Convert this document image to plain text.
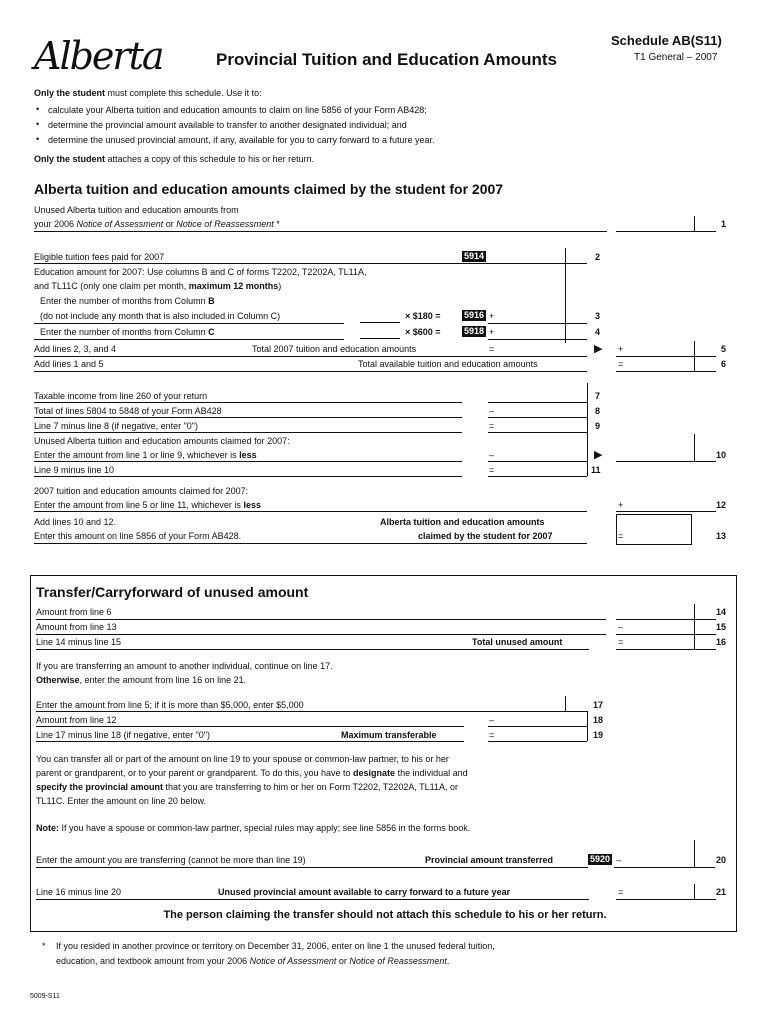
Alberta	Provincial Tuition and Education Amounts
Schedule AB(S11)
T1 General – 2007
Only the student must complete this schedule. Use it to:
• calculate your Alberta tuition and education amounts to claim on line 5856 of your Form AB428;
• determine the provincial amount available to transfer to another designated individual; and
• determine the unused provincial amount, if any, available for you to carry forward to a future year.
Only the student attaches a copy of this schedule to his or her return.
Alberta tuition and education amounts claimed by the student for 2007
Unused Alberta tuition and education amounts from
your 2006 Notice of Assessment or Notice of Reassessment *	1
Eligible tuition fees paid for 2007	5914	2
Education amount for 2007: Use columns B and C of forms T2202, T2202A, TL11A,
and TL11C (only one claim per month, maximum 12 months)
Enter the number of months from Column B
(do not include any month that is also included in Column C)	× $180 =	5916 +	3
Enter the number of months from Column C	× $600 =	5918 +	4
Add lines 2, 3, and 4	Total 2007 tuition and education amounts	=	▶ +	5
Add lines 1 and 5	Total available tuition and education amounts	=	6
Taxable income from line 260 of your return	7
Total of lines 5804 to 5848 of your Form AB428	–	8
Line 7 minus line 8 (if negative, enter "0")	=	9
Unused Alberta tuition and education amounts claimed for 2007:
Enter the amount from line 1 or line 9, whichever is less	–	▶	10
Line 9 minus line 10	=	11
2007 tuition and education amounts claimed for 2007:
Enter the amount from line 5 or line 11, whichever is less	+	12
Add lines 10 and 12.
Enter this amount on line 5856 of your Form AB428.
Alberta tuition and education amounts
claimed by the student for 2007	=	13
Transfer/Carryforward of unused amount
Amount from line 6	14
Amount from line 13	–	15
Line 14 minus line 15	Total unused amount	=	16
If you are transferring an amount to another individual, continue on line 17.
Otherwise, enter the amount from line 16 on line 21.
Enter the amount from line 5; if it is more than $5,000, enter $5,000	17
Amount from line 12	–	18
Line 17 minus line 18 (if negative, enter "0")	Maximum transferable	=	19
You can transfer all or part of the amount on line 19 to your spouse or common-law partner, to his or her
parent or grandparent, or to your parent or grandparent. To do this, you have to designate the individual and
specify the provincial amount that you are transferring to him or her on Form T2202, T2202A, TL11A, or
TL11C. Enter the amount on line 20 below.
Note: If you have a spouse or common-law partner, special rules may apply; see line 5856 in the forms book.
Enter the amount you are transferring (cannot be more than line 19)	Provincial amount transferred	5920 –	20
Line 16 minus line 20	Unused provincial amount available to carry forward to a future year	=	21
The person claiming the transfer should not attach this schedule to his or her return.
* If you resided in another province or territory on December 31, 2006, enter on line 1 the unused federal tuition,
education, and textbook amount from your 2006 Notice of Assessment or Notice of Reassessment.
5009-S11
